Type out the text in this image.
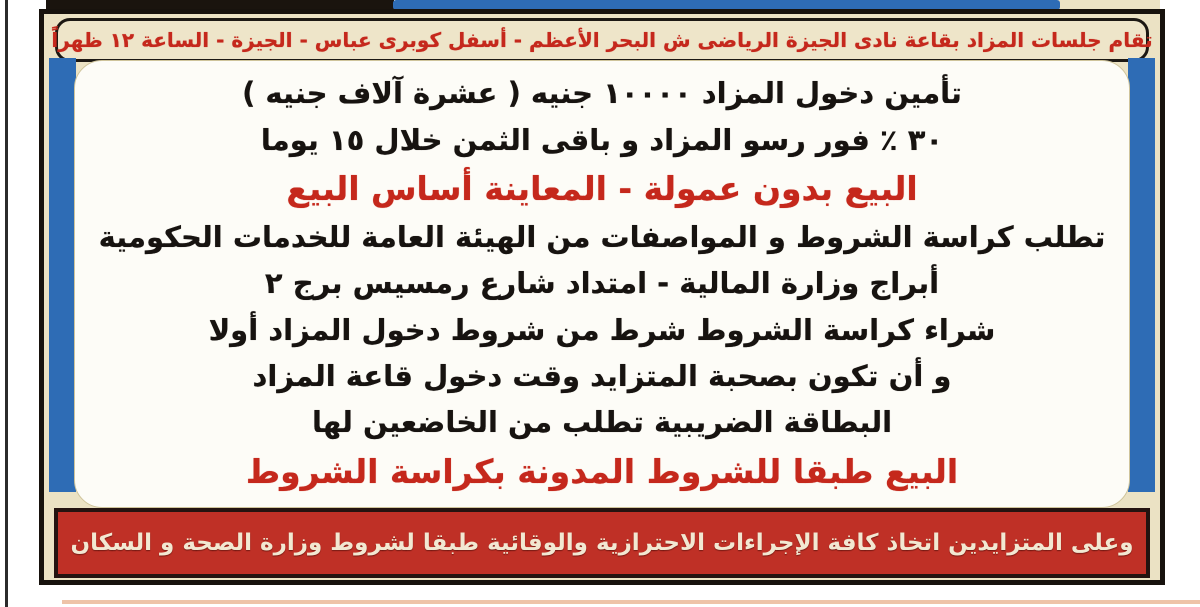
تقام جلسات المزاد بقاعة نادى الجيزة الرياضى ش البحر الأعظم - أسفل كوبرى عباس - الجيزة - الساعة ١٢ ظهراً
تأمين دخول المزاد ١٠٠٠٠ جنيه ( عشرة آلاف جنيه )
٣٠ ٪ فور رسو المزاد و باقى الثمن خلال ١٥ يوما
البيع بدون عمولة - المعاينة أساس البيع
تطلب كراسة الشروط و المواصفات من الهيئة العامة للخدمات الحكومية
أبراج وزارة المالية - امتداد شارع رمسيس برج ٢
شراء كراسة الشروط شرط من شروط دخول المزاد أولا
و أن تكون بصحبة المتزايد وقت دخول قاعة المزاد
البطاقة الضريبية تطلب من الخاضعين لها
البيع طبقا للشروط المدونة بكراسة الشروط
وعلى المتزايدين اتخاذ كافة الإجراءات الاحترازية والوقائية طبقا لشروط وزارة الصحة و السكان
